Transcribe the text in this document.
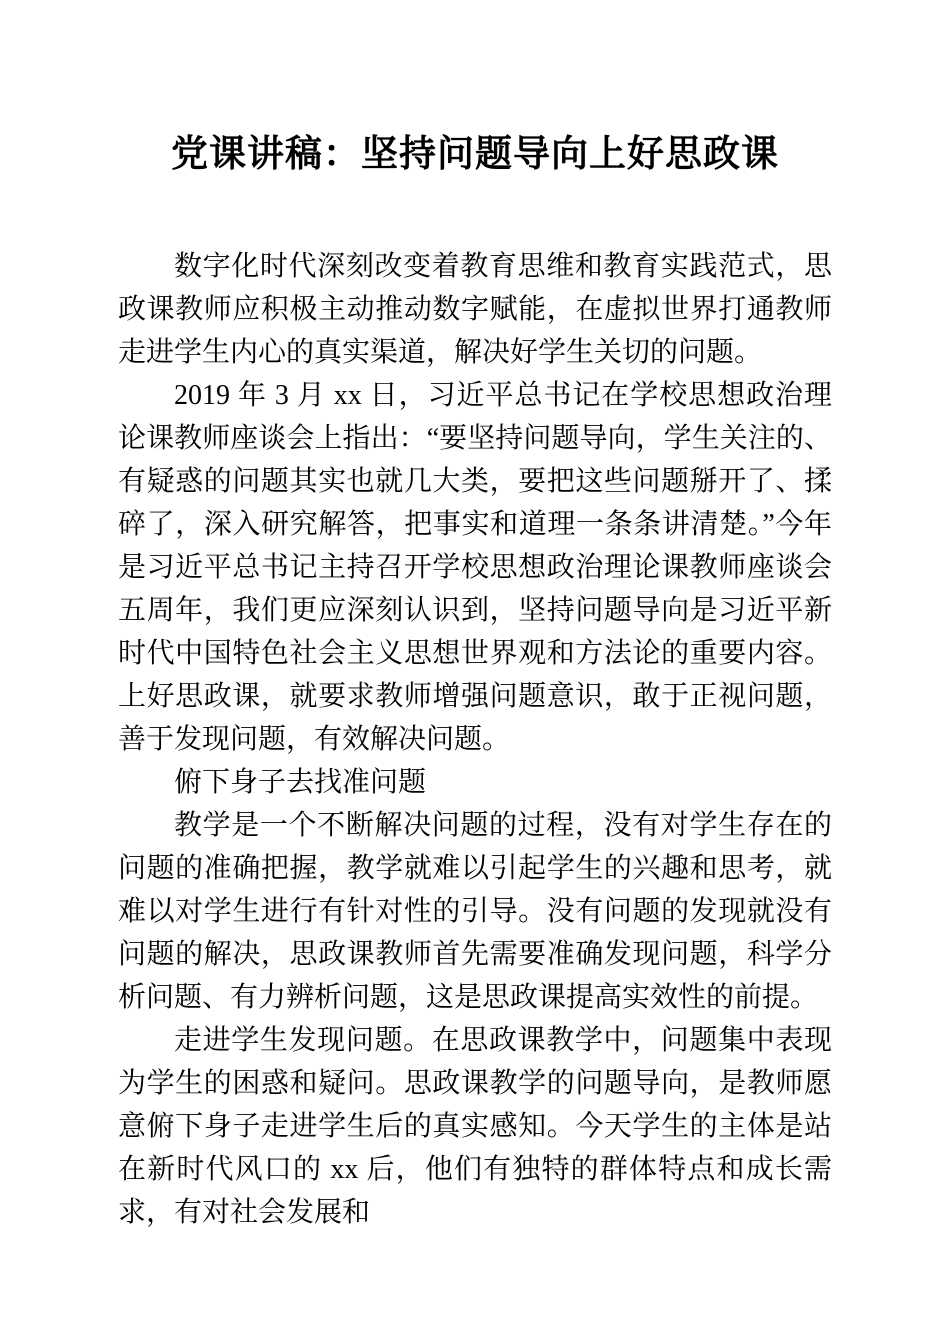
党课讲稿：坚持问题导向上好思政课

数字化时代深刻改变着教育思维和教育实践范式，思政课教师应积极主动推动数字赋能，在虚拟世界打通教师走进学生内心的真实渠道，解决好学生关切的问题。

2019 年 3 月 xx 日，习近平总书记在学校思想政治理论课教师座谈会上指出：“要坚持问题导向，学生关注的、有疑惑的问题其实也就几大类，要把这些问题掰开了、揉碎了，深入研究解答，把事实和道理一条条讲清楚。”今年是习近平总书记主持召开学校思想政治理论课教师座谈会五周年，我们更应深刻认识到，坚持问题导向是习近平新时代中国特色社会主义思想世界观和方法论的重要内容。上好思政课，就要求教师增强问题意识，敢于正视问题，善于发现问题，有效解决问题。

俯下身子去找准问题

教学是一个不断解决问题的过程，没有对学生存在的问题的准确把握，教学就难以引起学生的兴趣和思考，就难以对学生进行有针对性的引导。没有问题的发现就没有问题的解决，思政课教师首先需要准确发现问题，科学分析问题、有力辨析问题，这是思政课提高实效性的前提。

走进学生发现问题。在思政课教学中，问题集中表现为学生的困惑和疑问。思政课教学的问题导向，是教师愿意俯下身子走进学生后的真实感知。今天学生的主体是站在新时代风口的 xx 后，他们有独特的群体特点和成长需求，有对社会发展和
